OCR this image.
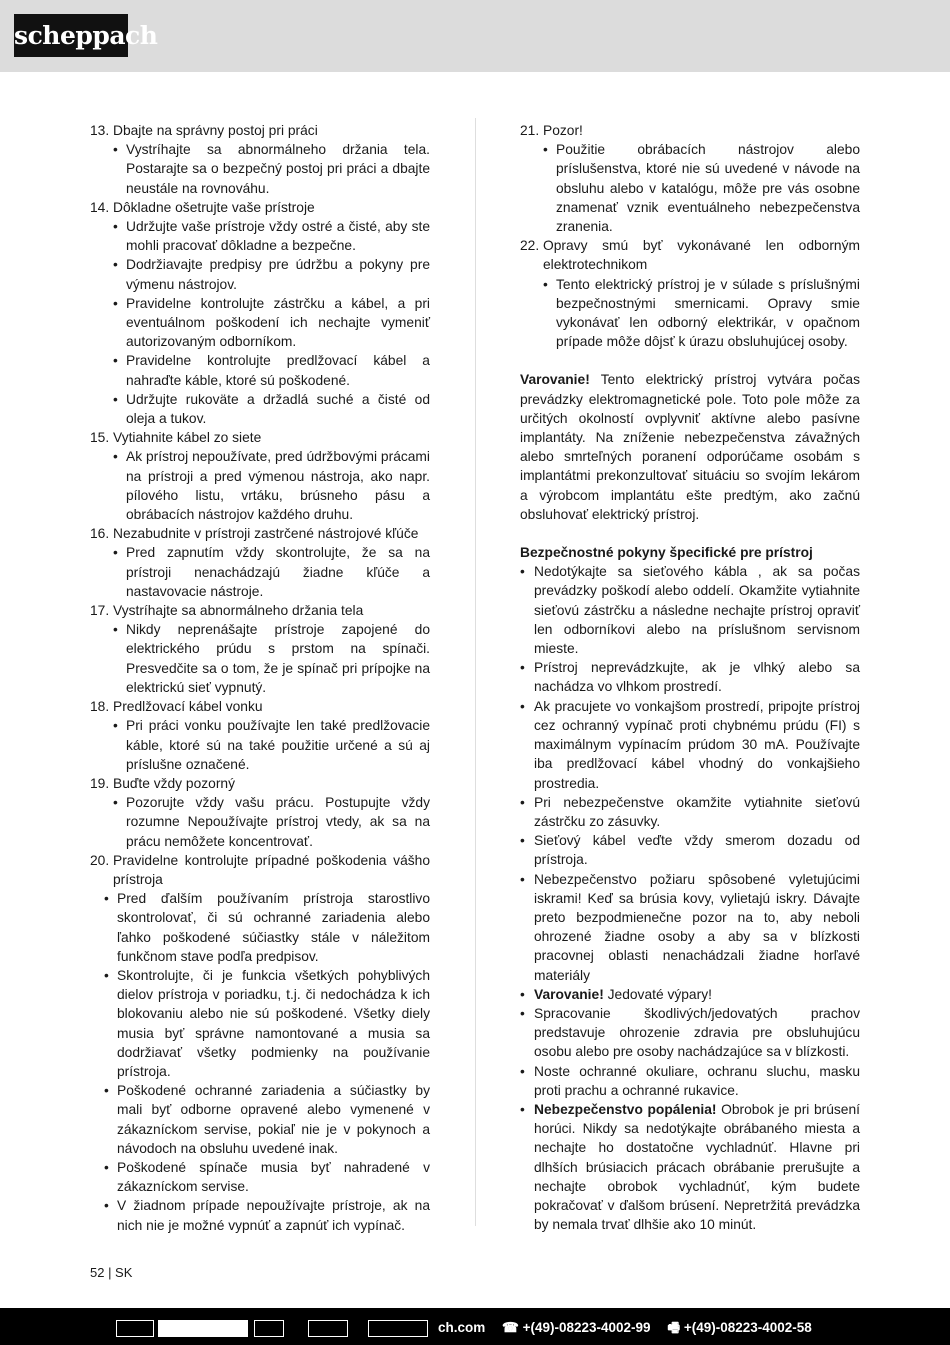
scheppach
13. Dbajte na správny postoj pri práci
• Vystríhajte sa abnormálneho držania tela. Postarajte sa o bezpečný postoj pri práci a dbajte neustále na rovnováhu.
14. Dôkladne ošetrujte vaše prístroje
• Udržujte vaše prístroje vždy ostré a čisté, aby ste mohli pracovať dôkladne a bezpečne.
• Dodržiavajte predpisy pre údržbu a pokyny pre výmenu nástrojov.
• Pravidelne kontrolujte zástrčku a kábel, a pri eventuálnom poškodení ich nechajte vymeniť autorizovaným odborníkom.
• Pravidelne kontrolujte predlžovací kábel a nahraďte káble, ktoré sú poškodené.
• Udržujte rukoväte a držadlá suché a čisté od oleja a tukov.
15. Vytiahnite kábel zo siete
• Ak prístroj nepoužívate, pred údržbovými prácami na prístroji a pred výmenou nástroja, ako napr. pílového listu, vrtáku, brúsneho pásu a obrábacích nástrojov každého druhu.
16. Nezabudnite v prístroji zastrčené nástrojové kľúče
• Pred zapnutím vždy skontrolujte, že sa na prístroji nenachádzajú žiadne kľúče a nastavovacie nástroje.
17. Vystríhajte sa abnormálneho držania tela
• Nikdy neprenášajte prístroje zapojené do elektrického prúdu s prstom na spínači. Presvedčite sa o tom, že je spínač pri prípojke na elektrickú sieť vypnutý.
18. Predlžovací kábel vonku
• Pri práci vonku používajte len také predlžovacie káble, ktoré sú na také použitie určené a sú aj príslušne označené.
19. Buďte vždy pozorný
• Pozorujte vždy vašu prácu. Postupujte vždy rozumne Nepoužívajte prístroj vtedy, ak sa na prácu nemôžete koncentrovať.
20. Pravidelne kontrolujte prípadné poškodenia vášho prístroja
• Pred ďalším používaním prístroja starostlivo skontrolovať, či sú ochranné zariadenia alebo ľahko poškodené súčiastky stále v náležitom funkčnom stave podľa predpisov.
• Skontrolujte, či je funkcia všetkých pohyblivých dielov prístroja v poriadku, t.j. či nedochádza k ich blokovaniu alebo nie sú poškodené. Všetky diely musia byť správne namontované a musia sa dodržiavať všetky podmienky na používanie prístroja.
• Poškodené ochranné zariadenia a súčiastky by mali byť odborne opravené alebo vymenené v zákazníckom servise, pokiaľ nie je v pokynoch a návodoch na obsluhu uvedené inak.
• Poškodené spínače musia byť nahradené v zákazníckom servise.
• V žiadnom prípade nepoužívajte prístroje, ak na nich nie je možné vypnúť a zapnúť ich vypínač.
21. Pozor!
• Použitie obrábacích nástrojov alebo príslušenstva, ktoré nie sú uvedené v návode na obsluhu alebo v katalógu, môže pre vás osobne znamenať vznik eventuálneho nebezpečenstva zranenia.
22. Opravy smú byť vykonávané len odborným elektrotechnikom
• Tento elektrický prístroj je v súlade s príslušnými bezpečnostnými smernicami. Opravy smie vykonávať len odborný elektrikár, v opačnom prípade môže dôjsť k úrazu obsluhujúcej osoby.
Varovanie! Tento elektrický prístroj vytvára počas prevádzky elektromagnetické pole. Toto pole môže za určitých okolností ovplyvniť aktívne alebo pasívne implantáty. Na zníženie nebezpečenstva závažných alebo smrteľných poranení odporúčame osobám s implantátmi prekonzultovať situáciu so svojím lekárom a výrobcom implantátu ešte predtým, ako začnú obsluhovať elektrický prístroj.
Bezpečnostné pokyny špecifické pre prístroj
• Nedotýkajte sa sieťového kábla , ak sa počas prevádzky poškodí alebo oddelí. Okamžite vytiahnite sieťovú zástrčku a následne nechajte prístroj opraviť len odborníkovi alebo na príslušnom servisnom mieste.
• Prístroj neprevádzkujte, ak je vlhký alebo sa nachádza vo vlhkom prostredí.
• Ak pracujete vo vonkajšom prostredí, pripojte prístroj cez ochranný vypínač proti chybnému prúdu (FI) s maximálnym vypínacím prúdom 30 mA. Používajte iba predlžovací kábel vhodný do vonkajšieho prostredia.
• Pri nebezpečenstve okamžite vytiahnite sieťovú zástrčku zo zásuvky.
• Sieťový kábel veďte vždy smerom dozadu od prístroja.
• Nebezpečenstvo požiaru spôsobené vyletujúcimi iskrami! Keď sa brúsia kovy, vylietajú iskry. Dávajte preto bezpodmienečne pozor na to, aby neboli ohrozené žiadne osoby a aby sa v blízkosti pracovnej oblasti nenachádzali žiadne horľavé materiály
• Varovanie! Jedovaté výpary!
• Spracovanie škodlivých/jedovatých prachov predstavuje ohrozenie zdravia pre obsluhujúcu osobu alebo pre osoby nachádzajúce sa v blízkosti.
• Noste ochranné okuliare, ochranu sluchu, masku proti prachu a ochranné rukavice.
• Nebezpečenstvo popálenia! Obrobok je pri brúsení horúci. Nikdy sa nedotýkajte obrábaného miesta a nechajte ho dostatočne vychladnúť. Hlavne pri dlhších brúsiacich prácach obrábanie prerušujte a nechajte obrobok vychladnúť, kým budete pokračovať v ďalšom brúsení. Nepretržitá prevádzka by nemala trvať dlhšie ako 10 minút.
52 | SK
ch.com ☎ +(49)-08223-4002-99 🖷 +(49)-08223-4002-58
